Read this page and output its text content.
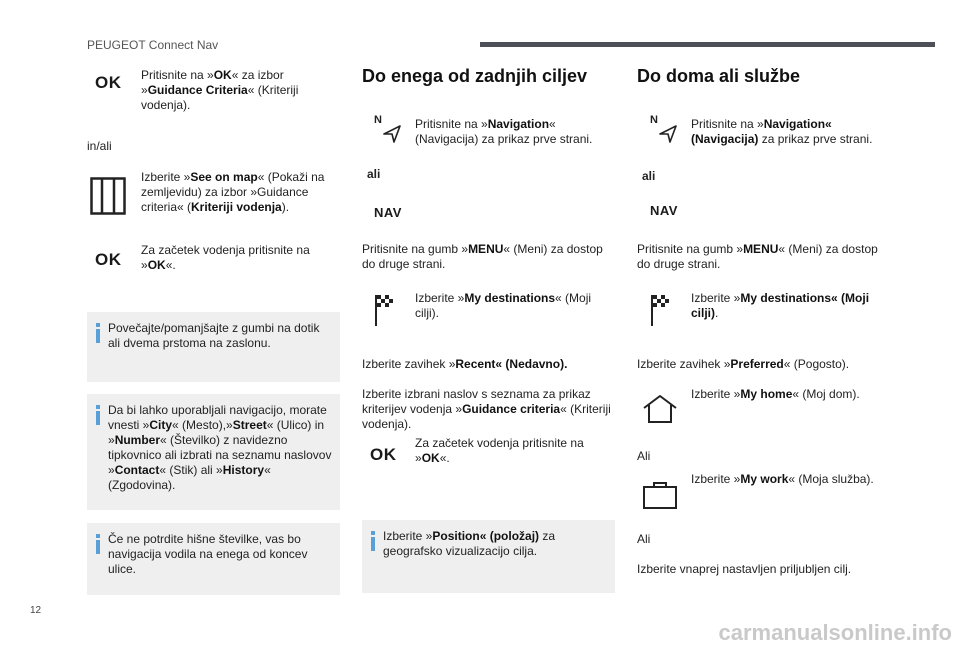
PEUGEOT Connect Nav
OK Pritisnite na »OK« za izbor »Guidance Criteria« (Kriteriji vodenja).
in/ali
Izberite »See on map« (Pokaži na zemljevidu) za izbor »Guidance criteria« (Kriteriji vodenja).
OK Za začetek vodenja pritisnite na »OK«.
Povečajte/pomanjšajte z gumbi na dotik ali dvema prstoma na zaslonu.
Da bi lahko uporabljali navigacijo, morate vnesti »City« (Mesto),»Street« (Ulico) in »Number« (Številko) z navidezno tipkovnico ali izbrati na seznamu naslovov »Contact« (Stik) ali »History« (Zgodovina).
Če ne potrdite hišne številke, vas bo navigacija vodila na enega od koncev ulice.
Do enega od zadnjih ciljev
N	Pritisnite na »Navigation« (Navigacija) za prikaz prve strani.
ali
NAV
Pritisnite na gumb »MENU« (Meni) za dostop do druge strani.
Izberite »My destinations« (Moji cilji).
Izberite zavihek »Recent« (Nedavno).
Izberite izbrani naslov s seznama za prikaz kriterijev vodenja »Guidance criteria« (Kriteriji vodenja).
OK
Za začetek vodenja pritisnite na »OK«.
Izberite »Position« (položaj) za geografsko vizualizacijo cilja.
Do doma ali službe
N	Pritisnite na »Navigation« (Navigacija) za prikaz prve strani.
ali
NAV
Pritisnite na gumb »MENU« (Meni) za dostop do druge strani.
Izberite »My destinations« (Moji cilji).
Izberite zavihek »Preferred« (Pogosto).
Izberite »My home« (Moj dom).
Ali
Izberite »My work« (Moja služba).
Ali
Izberite vnaprej nastavljen priljubljen cilj.
12
carmanualsonline.info
